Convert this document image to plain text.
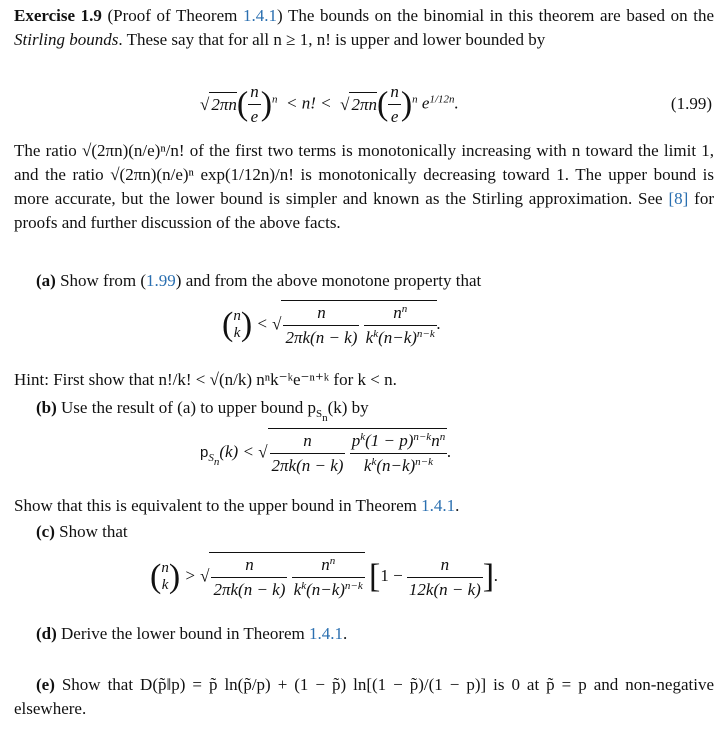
Exercise 1.9 (Proof of Theorem 1.4.1) The bounds on the binomial in this theorem are based on the Stirling bounds. These say that for all n ≥ 1, n! is upper and lower bounded by
√ $2\pi n( \frac{n}{e} )^n < n$! <  √ $2\pi n( \frac{n}{e} )^n$ $e^{1/12n}$.	(1.99)
The ratio √(2πn)(n/e)ⁿ/n! of the first two terms is monotonically increasing with n toward the limit 1, and the ratio √(2πn)(n/e)ⁿ exp(1/12n)/n! is monotonically decreasing toward 1. The upper bound is more accurate, but the lower bound is simpler and known as the Stirling approximation. See [8] for proofs and further discussion of the above facts.
(a) Show from (1.99) and from the above monotone property that
( n
k ) < √ $\frac{n}{2\pi k(n - k)}$
$\frac{n^n}{k^k(n-k)^{n-k}}$ .
Hint: First show that n!/k! < √(n/k) nⁿk⁻ᵏe⁻ⁿ⁺ᵏ for k < n.
(b) Use the result of (a) to upper bound $p_{S_n}(k)$ by
$p_{S_n}(k)$ < √ $\frac{n}{2\pi k(n - k)}$
$\frac{p^k(1 - p)^{n-k}n^n}{k^k(n-k)^{n-k}}$ .
Show that this is equivalent to the upper bound in Theorem 1.4.1.
(c) Show that
( n
k ) > √ $\frac{n}{2\pi k(n - k)}$
$\frac{n^n}{k^k(n-k)^{n-k}} [1 - \frac{n}{12k(n - k)}$ ].
(d) Derive the lower bound in Theorem 1.4.1.
(e) Show that D(p̃‖p) = p̃ ln(p̃/p) + (1 − p̃) ln[(1 − p̃)/(1 − p)] is 0 at p̃ = p and non-negative elsewhere.
